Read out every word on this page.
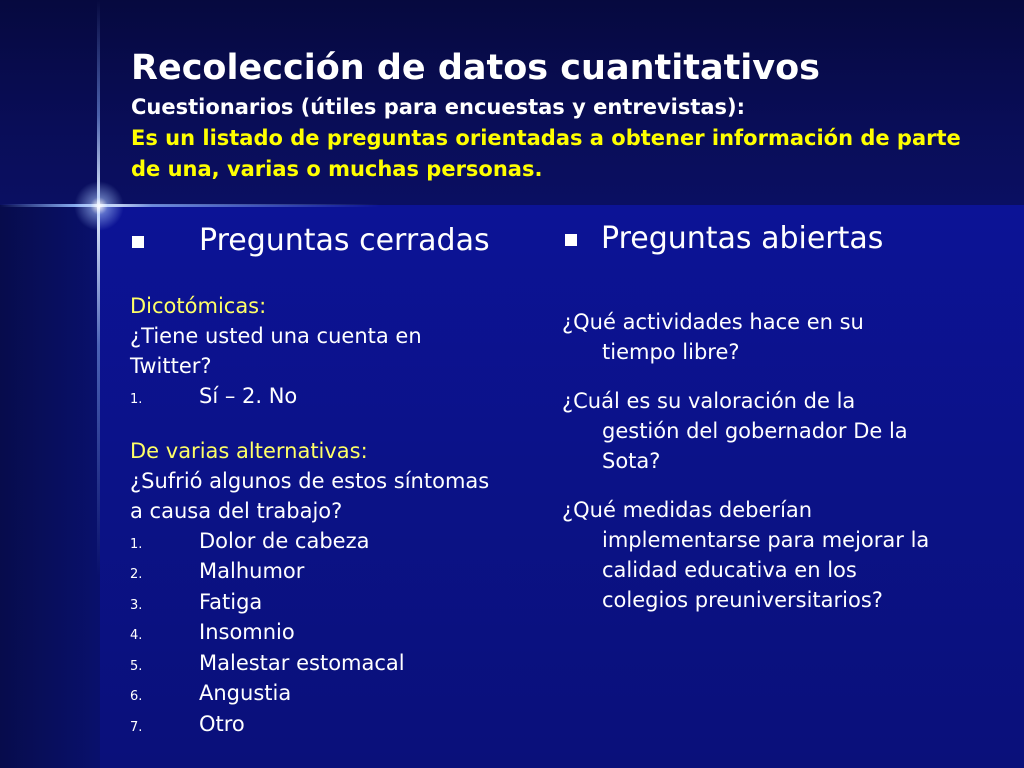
Recolección de datos cuantitativos

Cuestionarios (útiles para encuestas y entrevistas):

Es un listado de preguntas orientadas a obtener información de parte de una, varias o muchas personas.

Preguntas cerradas	Preguntas abiertas
Dicotómicas:
¿Tiene usted una cuenta en
Twitter?
1.	Sí – 2. No
De varias alternativas:
¿Sufrió algunos de estos síntomas
a causa del trabajo?
1.	Dolor de cabeza
2.	Malhumor
3.	Fatiga
4.	Insomnio
5.	Malestar estomacal
6.	Angustia
7.	Otro

¿Qué actividades hace en su
tiempo libre?

¿Cuál es su valoración de la
gestión del gobernador De la
Sota?

¿Qué medidas deberían
implementarse para mejorar la
calidad educativa en los
colegios preuniversitarios?
